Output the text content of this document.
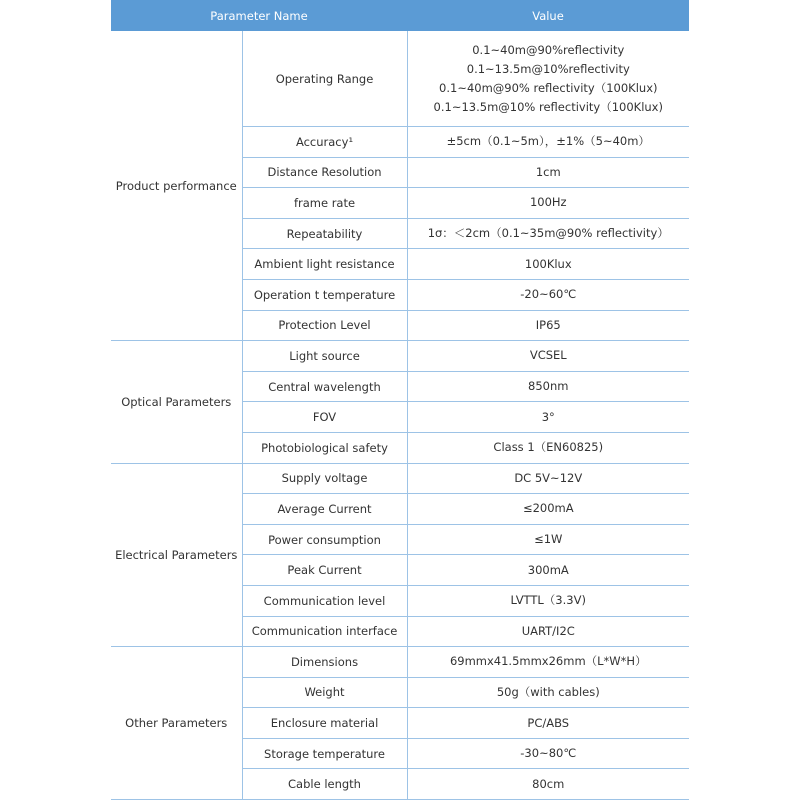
Parameter Name		Value
Product performance	Operating Range	0.1~40m@90%reflectivity
0.1~13.5m@10%reflectivity
0.1~40m@90% reflectivity（100Klux)
0.1~13.5m@10% reflectivity（100Klux)

	Accuracy¹	±5cm（0.1~5m），±1%（5~40m）

	Distance Resolution	1cm

	frame rate	100Hz

	Repeatability	1σ：＜2cm（0.1~35m@90% reflectivity）

	Ambient light resistance	100Klux

	Operation t temperature	-20~60℃

	Protection Level	IP65

Optical Parameters	Light source	VCSEL

	Central wavelength	850nm

	FOV	3°

	Photobiological safety	Class 1（EN60825)

Electrical Parameters	Supply voltage	DC 5V~12V

	Average Current	≤200mA

	Power consumption	≤1W

	Peak Current	300mA

	Communication level	LVTTL（3.3V)

	Communication interface	UART/I2C

Other Parameters	Dimensions	69mmx41.5mmx26mm（L*W*H）

	Weight	50g（with cables)

	Enclosure material	PC/ABS

	Storage temperature	-30~80℃

	Cable length	80cm
